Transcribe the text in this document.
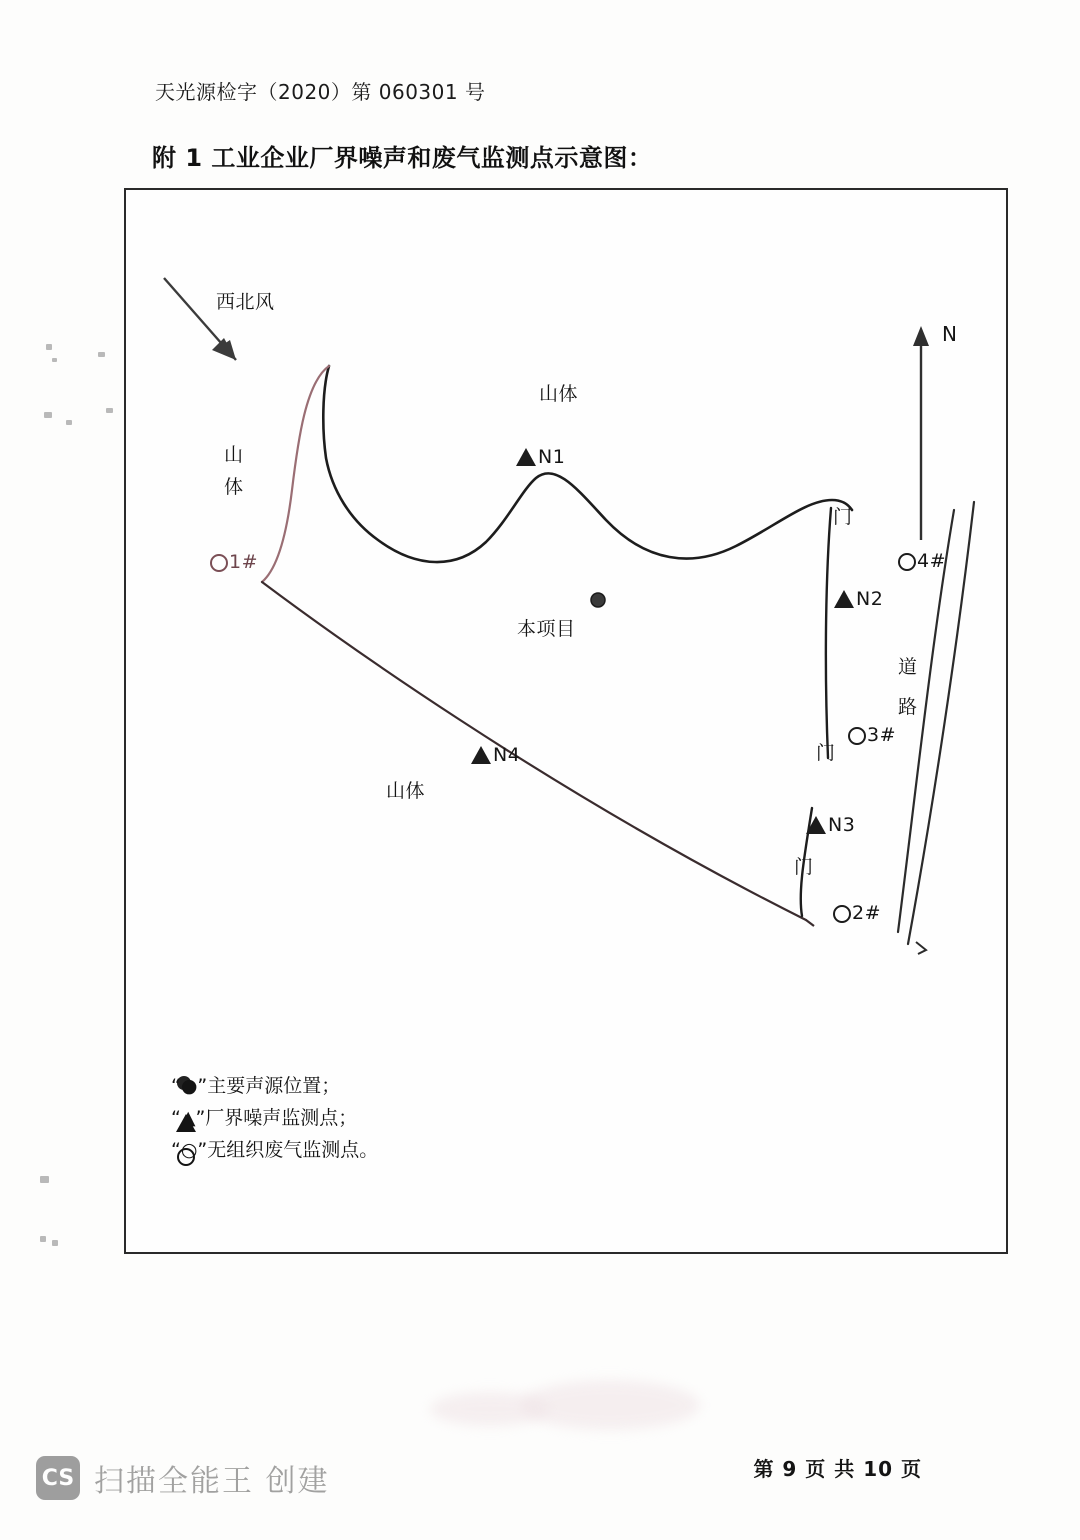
天光源检字（2020）第 060301 号
附 1 工业企业厂界噪声和废气监测点示意图：
西北风
N
山
体
山体
山体
本项目
道
路
门
门
门
N1
N2
N3
N4
1#
2#
3#
4#
“●”主要声源位置；
“▲”厂界噪声监测点；
“○”无组织废气监测点。
第 9 页 共 10 页
CS 扫描全能王 创建
